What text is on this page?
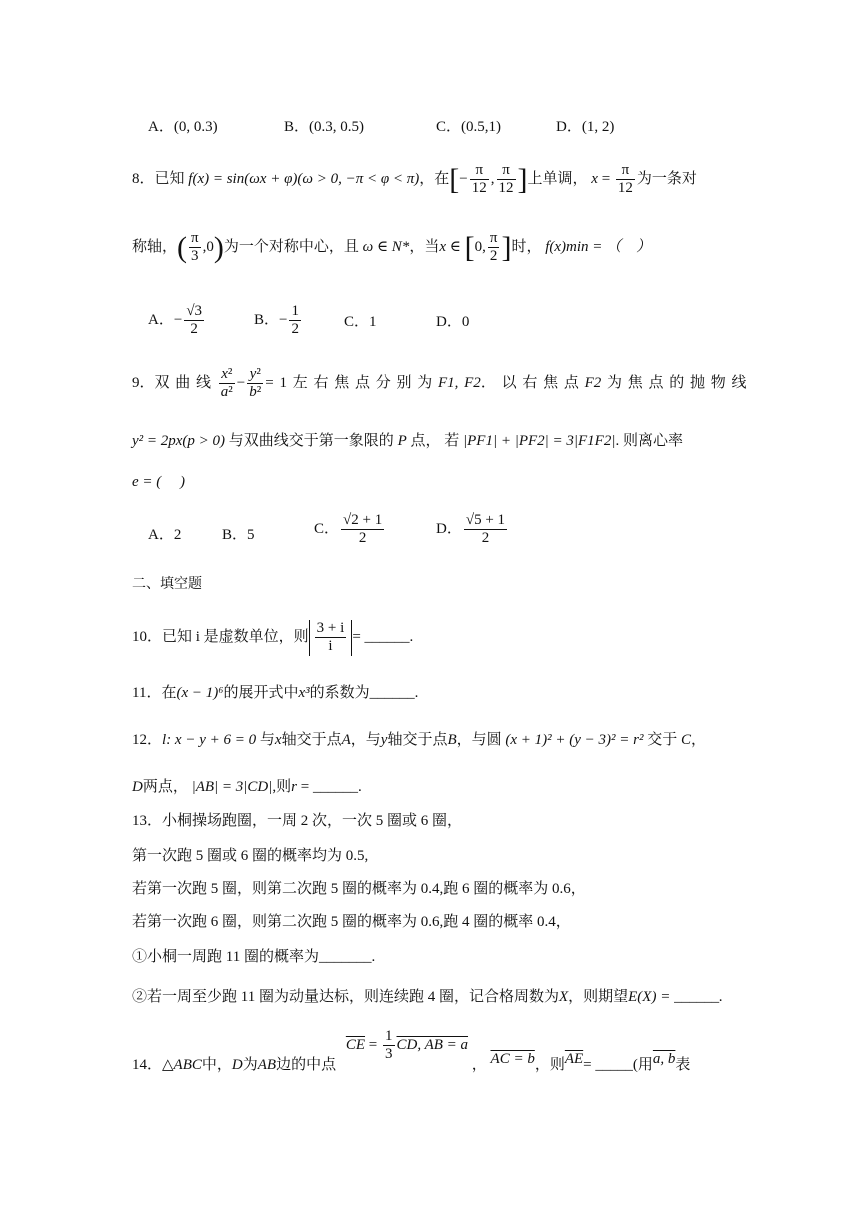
A．(0, 0.3)	B．(0.3, 0.5)	C．(0.5,1)	D．(1, 2)
8．已知 f(x) = sin(ωx + φ)(ω > 0, −π < φ < π)，在[− $\frac{\pi}{12}$ , $\frac{\pi}{12}$ ]上单调， $x = \frac{\pi}{12}$ 为一条对
称轴，( $\frac{\pi}{3} ,0$)为一个对称中心，且 ω ∈ N*，当x ∈ [0, $\frac{\pi}{2}$ ]时， f(x)min = （　）
A．− $\frac{√3}{2}$	B．− $\frac{1}{2}$	C．1	D．0
9．双 曲 线 $\frac{\text{x²}}{\text{a²}} - \frac{\text{y²}}{\text{b²}} = 1$ 左 右 焦 点 分 别 为 F1, F2． 以 右 焦 点 F2 为 焦 点 的 抛 物 线
y² = 2px(p > 0) 与双曲线交于第一象限的 P 点， 若 |PF1| + |PF2| = 3|F1F2|. 则离心率
e = (　 )
A．2	B．5	C． $\frac{√2 + 1}{2}$	D． $\frac{√5 + 1}{2}$
二、填空题
10．已知 i 是虚数单位，则 $\frac{3 + i}{i}$ = ______.
11．在(x − 1)⁶的展开式中x³的系数为______.
12．l: x − y + 6 = 0 与x轴交于点A，与y轴交于点B，与圆 (x + 1)² + (y − 3)² = r² 交于 C，
D两点， |AB| = 3|CD|,则r = ______.
13．小桐操场跑圈，一周 2 次，一次 5 圈或 6 圈，
第一次跑 5 圈或 6 圈的概率均为 0.5,
若第一次跑 5 圈，则第二次跑 5 圈的概率为 0.4,跑 6 圈的概率为 0.6，
若第一次跑 6 圈，则第二次跑 5 圈的概率为 0.6,跑 4 圈的概率 0.4，
①小桐一周跑 11 圈的概率为_______.
②若一周至少跑 11 圈为动量达标，则连续跑 4 圈，记合格周数为X，则期望E(X) = ______.
14．△ABC中，D为AB边的中点 $\overline{CE} = \frac{1}{3}$ CD, AB = a ， AC = b，则$\overline{AE}=$ _____(用a, b表
